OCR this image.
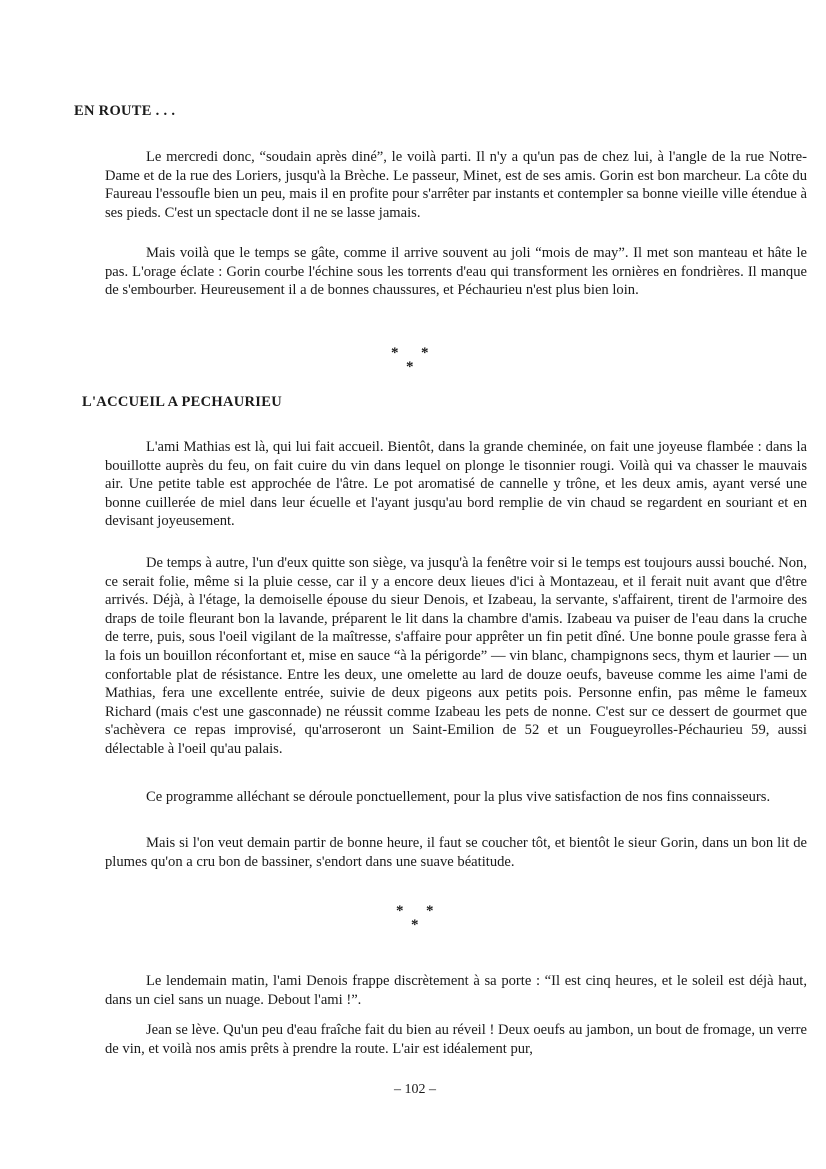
EN ROUTE . . .

Le mercredi donc, “soudain après diné”, le voilà parti. Il n'y a qu'un pas de chez lui, à l'angle de la rue Notre-Dame et de la rue des Loriers, jusqu'à la Brèche. Le passeur, Minet, est de ses amis. Gorin est bon marcheur. La côte du Faureau l'essoufle bien un peu, mais il en profite pour s'arrêter par instants et contempler sa bonne vieille ville étendue à ses pieds. C'est un spectacle dont il ne se lasse jamais.

Mais voilà que le temps se gâte, comme il arrive souvent au joli “mois de may”. Il met son manteau et hâte le pas. L'orage éclate : Gorin courbe l'échine sous les torrents d'eau qui transforment les ornières en fondrières. Il manque de s'embourber. Heureusement il a de bonnes chaussures, et Péchaurieu n'est plus bien loin.

* *
*
L'ACCUEIL A PECHAURIEU

L'ami Mathias est là, qui lui fait accueil. Bientôt, dans la grande cheminée, on fait une joyeuse flambée : dans la bouillotte auprès du feu, on fait cuire du vin dans lequel on plonge le tisonnier rougi. Voilà qui va chasser le mauvais air. Une petite table est approchée de l'âtre. Le pot aromatisé de cannelle y trône, et les deux amis, ayant versé une bonne cuillerée de miel dans leur écuelle et l'ayant jusqu'au bord remplie de vin chaud se regardent en souriant et en devisant joyeusement.

De temps à autre, l'un d'eux quitte son siège, va jusqu'à la fenêtre voir si le temps est toujours aussi bouché. Non, ce serait folie, même si la pluie cesse, car il y a encore deux lieues d'ici à Montazeau, et il ferait nuit avant que d'être arrivés. Déjà, à l'étage, la demoiselle épouse du sieur Denois, et Izabeau, la servante, s'affairent, tirent de l'armoire des draps de toile fleurant bon la lavande, préparent le lit dans la chambre d'amis. Izabeau va puiser de l'eau dans la cruche de terre, puis, sous l'oeil vigilant de la maîtresse, s'affaire pour apprêter un fin petit dîné. Une bonne poule grasse fera à la fois un bouillon réconfortant et, mise en sauce “à la périgorde” — vin blanc, champignons secs, thym et laurier — un confortable plat de résistance. Entre les deux, une omelette au lard de douze oeufs, baveuse comme les aime l'ami de Mathias, fera une excellente entrée, suivie de deux pigeons aux petits pois. Personne enfin, pas même le fameux Richard (mais c'est une gasconnade) ne réussit comme Izabeau les pets de nonne. C'est sur ce dessert de gourmet que s'achèvera ce repas improvisé, qu'arroseront un Saint-Emilion de 52 et un Fougueyrolles-Péchaurieu 59, aussi délectable à l'oeil qu'au palais.

Ce programme alléchant se déroule ponctuellement, pour la plus vive satisfaction de nos fins connaisseurs.

Mais si l'on veut demain partir de bonne heure, il faut se coucher tôt, et bientôt le sieur Gorin, dans un bon lit de plumes qu'on a cru bon de bassiner, s'endort dans une suave béatitude.

* *
*

Le lendemain matin, l'ami Denois frappe discrètement à sa porte : “Il est cinq heures, et le soleil est déjà haut, dans un ciel sans un nuage. Debout l'ami !”.

Jean se lève. Qu'un peu d'eau fraîche fait du bien au réveil ! Deux oeufs au jambon, un bout de fromage, un verre de vin, et voilà nos amis prêts à prendre la route. L'air est idéalement pur,

– 102 –
